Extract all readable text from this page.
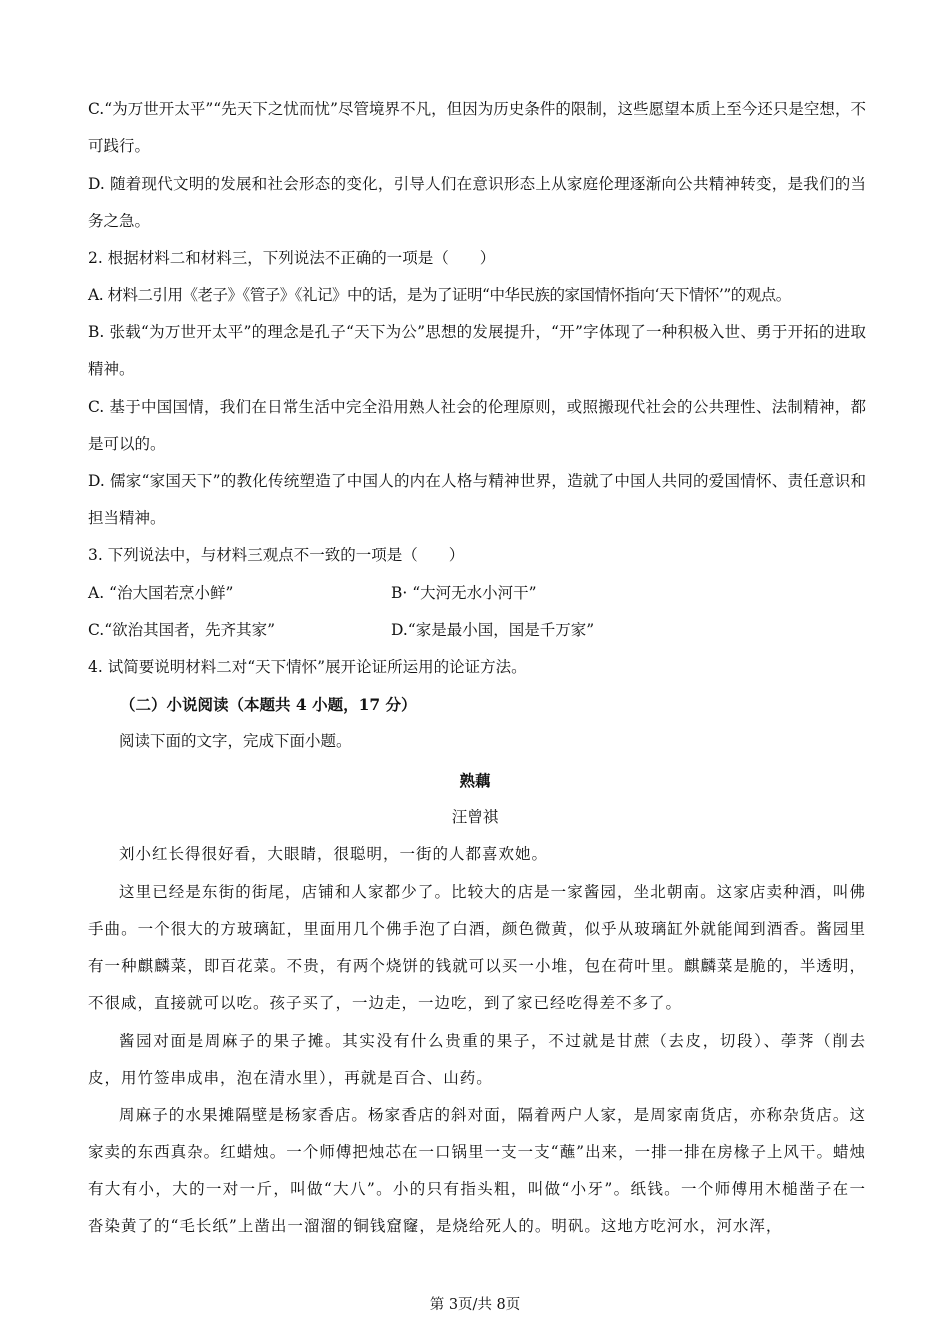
C.“为万世开太平”“先天下之忧而忧”尽管境界不凡，但因为历史条件的限制，这些愿望本质上至今还只是空想，不可践行。

D. 随着现代文明的发展和社会形态的变化，引导人们在意识形态上从家庭伦理逐渐向公共精神转变，是我们的当务之急。

2. 根据材料二和材料三，下列说法不正确的一项是（　　）

A. 材料二引用《老子》《管子》《礼记》中的话，是为了证明“中华民族的家国情怀指向‘天下情怀’”的观点。

B. 张载“为万世开太平”的理念是孔子“天下为公”思想的发展提升，“开”字体现了一种积极入世、勇于开拓的进取精神。

C. 基于中国国情，我们在日常生活中完全沿用熟人社会的伦理原则，或照搬现代社会的公共理性、法制精神，都是可以的。

D. 儒家“家国天下”的教化传统塑造了中国人的内在人格与精神世界，造就了中国人共同的爱国情怀、责任意识和担当精神。

3. 下列说法中，与材料三观点不一致的一项是（　　）

A. “治大国若烹小鲜”	B· “大河无水小河干”
C.“欲治其国者，先齐其家”	D.“家是最小国，国是千万家”

4. 试简要说明材料二对“天下情怀”展开论证所运用的论证方法。

（二）小说阅读（本题共 4 小题，17 分）

阅读下面的文字，完成下面小题。

熟藕

汪曾祺

刘小红长得很好看，大眼睛，很聪明，一街的人都喜欢她。

这里已经是东街的街尾，店铺和人家都少了。比较大的店是一家酱园，坐北朝南。这家店卖种酒，叫佛手曲。一个很大的方玻璃缸，里面用几个佛手泡了白酒，颜色微黄，似乎从玻璃缸外就能闻到酒香。酱园里有一种麒麟菜，即百花菜。不贵，有两个烧饼的钱就可以买一小堆，包在荷叶里。麒麟菜是脆的，半透明，不很咸，直接就可以吃。孩子买了，一边走，一边吃，到了家已经吃得差不多了。

酱园对面是周麻子的果子摊。其实没有什么贵重的果子，不过就是甘蔗（去皮，切段）、荸荠（削去皮，用竹签串成串，泡在清水里），再就是百合、山药。

周麻子的水果摊隔壁是杨家香店。杨家香店的斜对面，隔着两户人家，是周家南货店，亦称杂货店。这家卖的东西真杂。红蜡烛。一个师傅把烛芯在一口锅里一支一支“蘸”出来，一排一排在房椽子上风干。蜡烛有大有小，大的一对一斤，叫做“大八”。小的只有指头粗，叫做“小牙”。纸钱。一个师傅用木槌凿子在一沓染黄了的“毛长纸”上凿出一溜溜的铜钱窟窿，是烧给死人的。明矾。这地方吃河水，河水浑，

第 3页/共 8页
